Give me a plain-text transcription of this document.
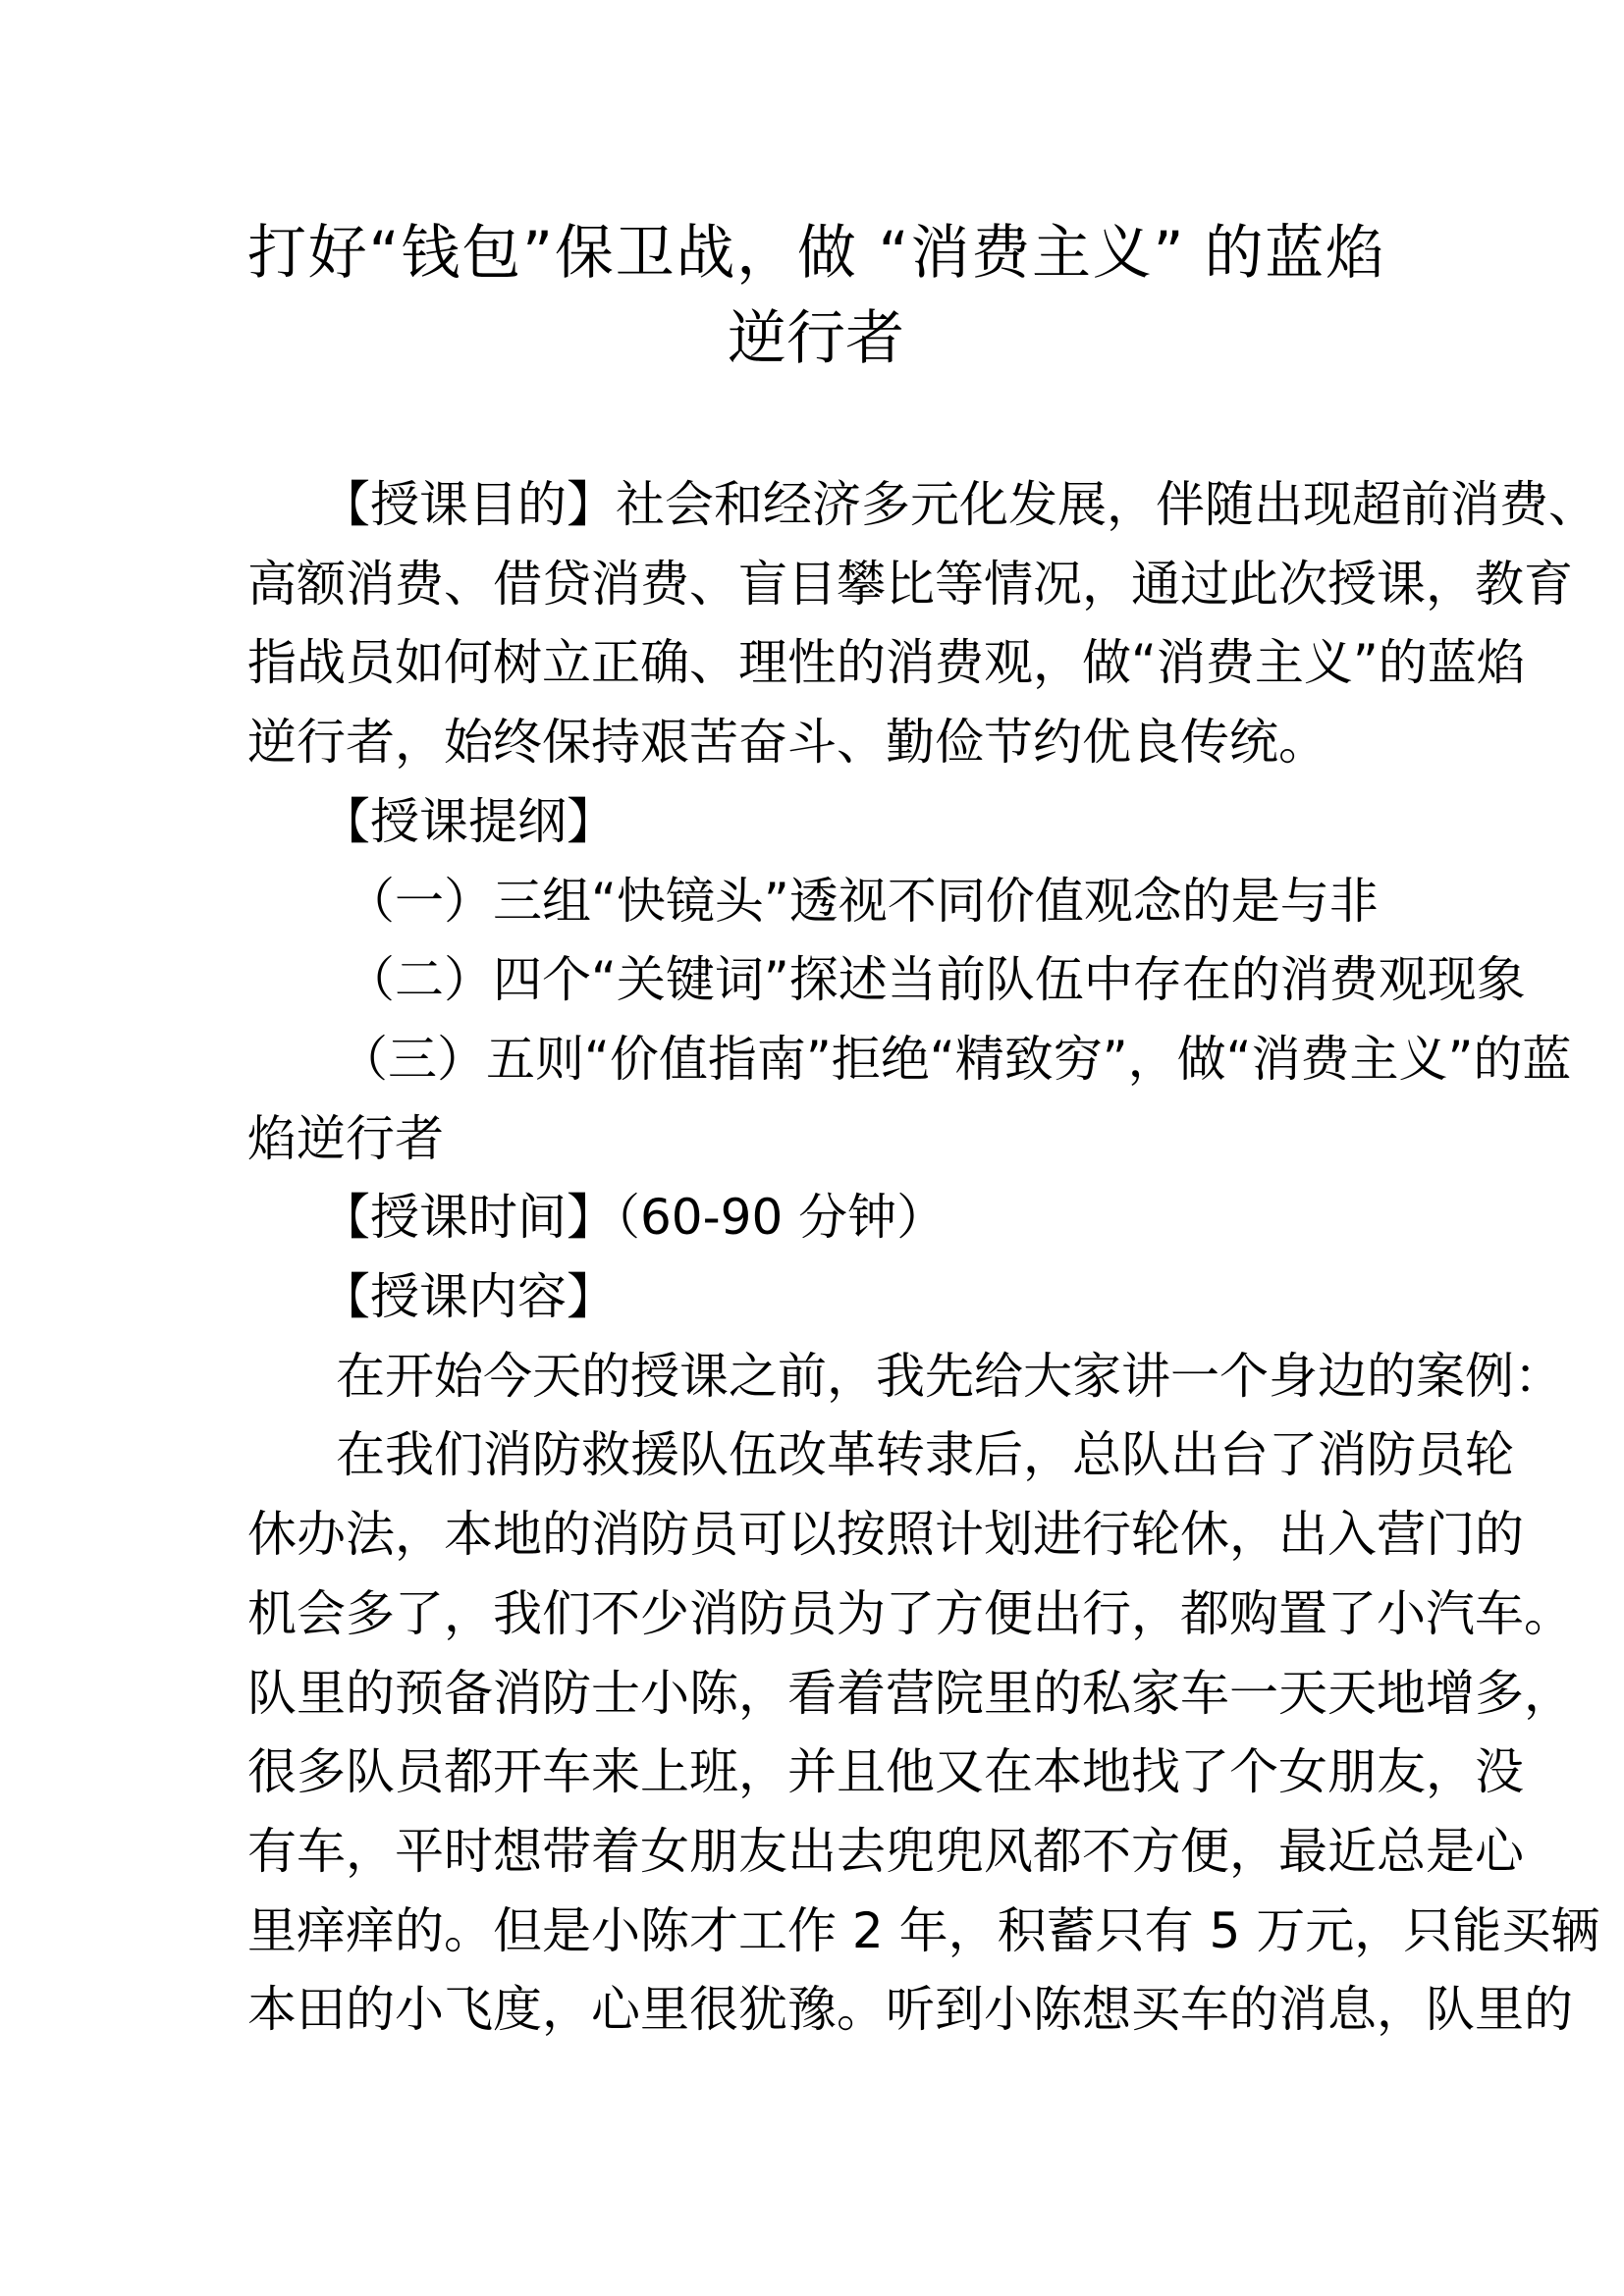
打好“钱包”保卫战，做 “消费主义” 的蓝焰
逆行者
【授课目的】社会和经济多元化发展，伴随出现超前消费、
高额消费、借贷消费、盲目攀比等情况，通过此次授课，教育
指战员如何树立正确、理性的消费观，做“消费主义”的蓝焰
逆行者，始终保持艰苦奋斗、勤俭节约优良传统。
【授课提纲】
（一）三组“快镜头”透视不同价值观念的是与非
（二）四个“关键词”探述当前队伍中存在的消费观现象
（三）五则“价值指南”拒绝“精致穷”，做“消费主义”的蓝
焰逆行者
【授课时间】（60-90 分钟）
【授课内容】
在开始今天的授课之前，我先给大家讲一个身边的案例：
在我们消防救援队伍改革转隶后，总队出台了消防员轮
休办法，本地的消防员可以按照计划进行轮休，出入营门的
机会多了，我们不少消防员为了方便出行，都购置了小汽车。
队里的预备消防士小陈，看着营院里的私家车一天天地增多，
很多队员都开车来上班，并且他又在本地找了个女朋友，没
有车，平时想带着女朋友出去兜兜风都不方便，最近总是心
里痒痒的。但是小陈才工作 2 年，积蓄只有 5 万元，只能买辆
本田的小飞度，心里很犹豫。听到小陈想买车的消息，队里的
